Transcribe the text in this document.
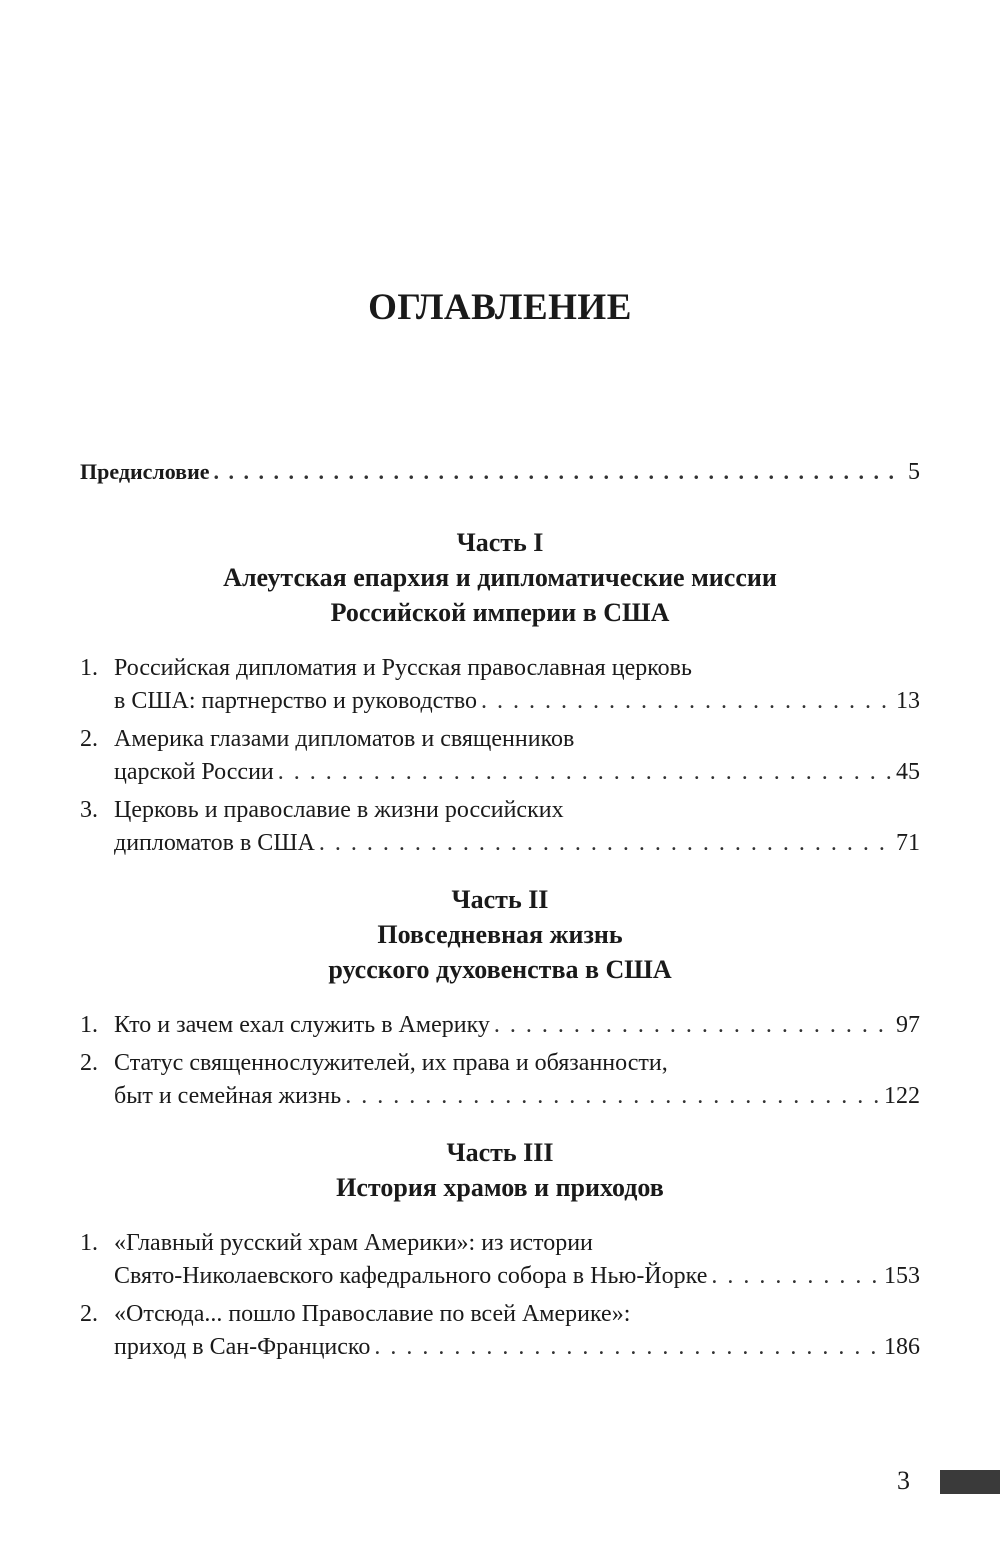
ОГЛАВЛЕНИЕ
Предисловие . . .	5
Часть I
Алеутская епархия и дипломатические миссии
Российской империи в США
1. Российская дипломатия и Русская православная церковь
в США: партнерство и руководство . . .	13
2. Америка глазами дипломатов и священников
царской России . . .	45
3. Церковь и православие в жизни российских
дипломатов в США . . .	71
Часть II
Повседневная жизнь
русского духовенства в США
1. Кто и зачем ехал служить в Америку . . .	97
2. Статус священнослужителей, их права и обязанности,
быт и семейная жизнь . . .	122
Часть III
История храмов и приходов
1. «Главный русский храм Америки»: из истории
Свято-Николаевского кафедрального собора в Нью-Йорке . . .	153
2. «Отсюда... пошло Православие по всей Америке»:
приход в Сан-Франциско . . .	186
3
